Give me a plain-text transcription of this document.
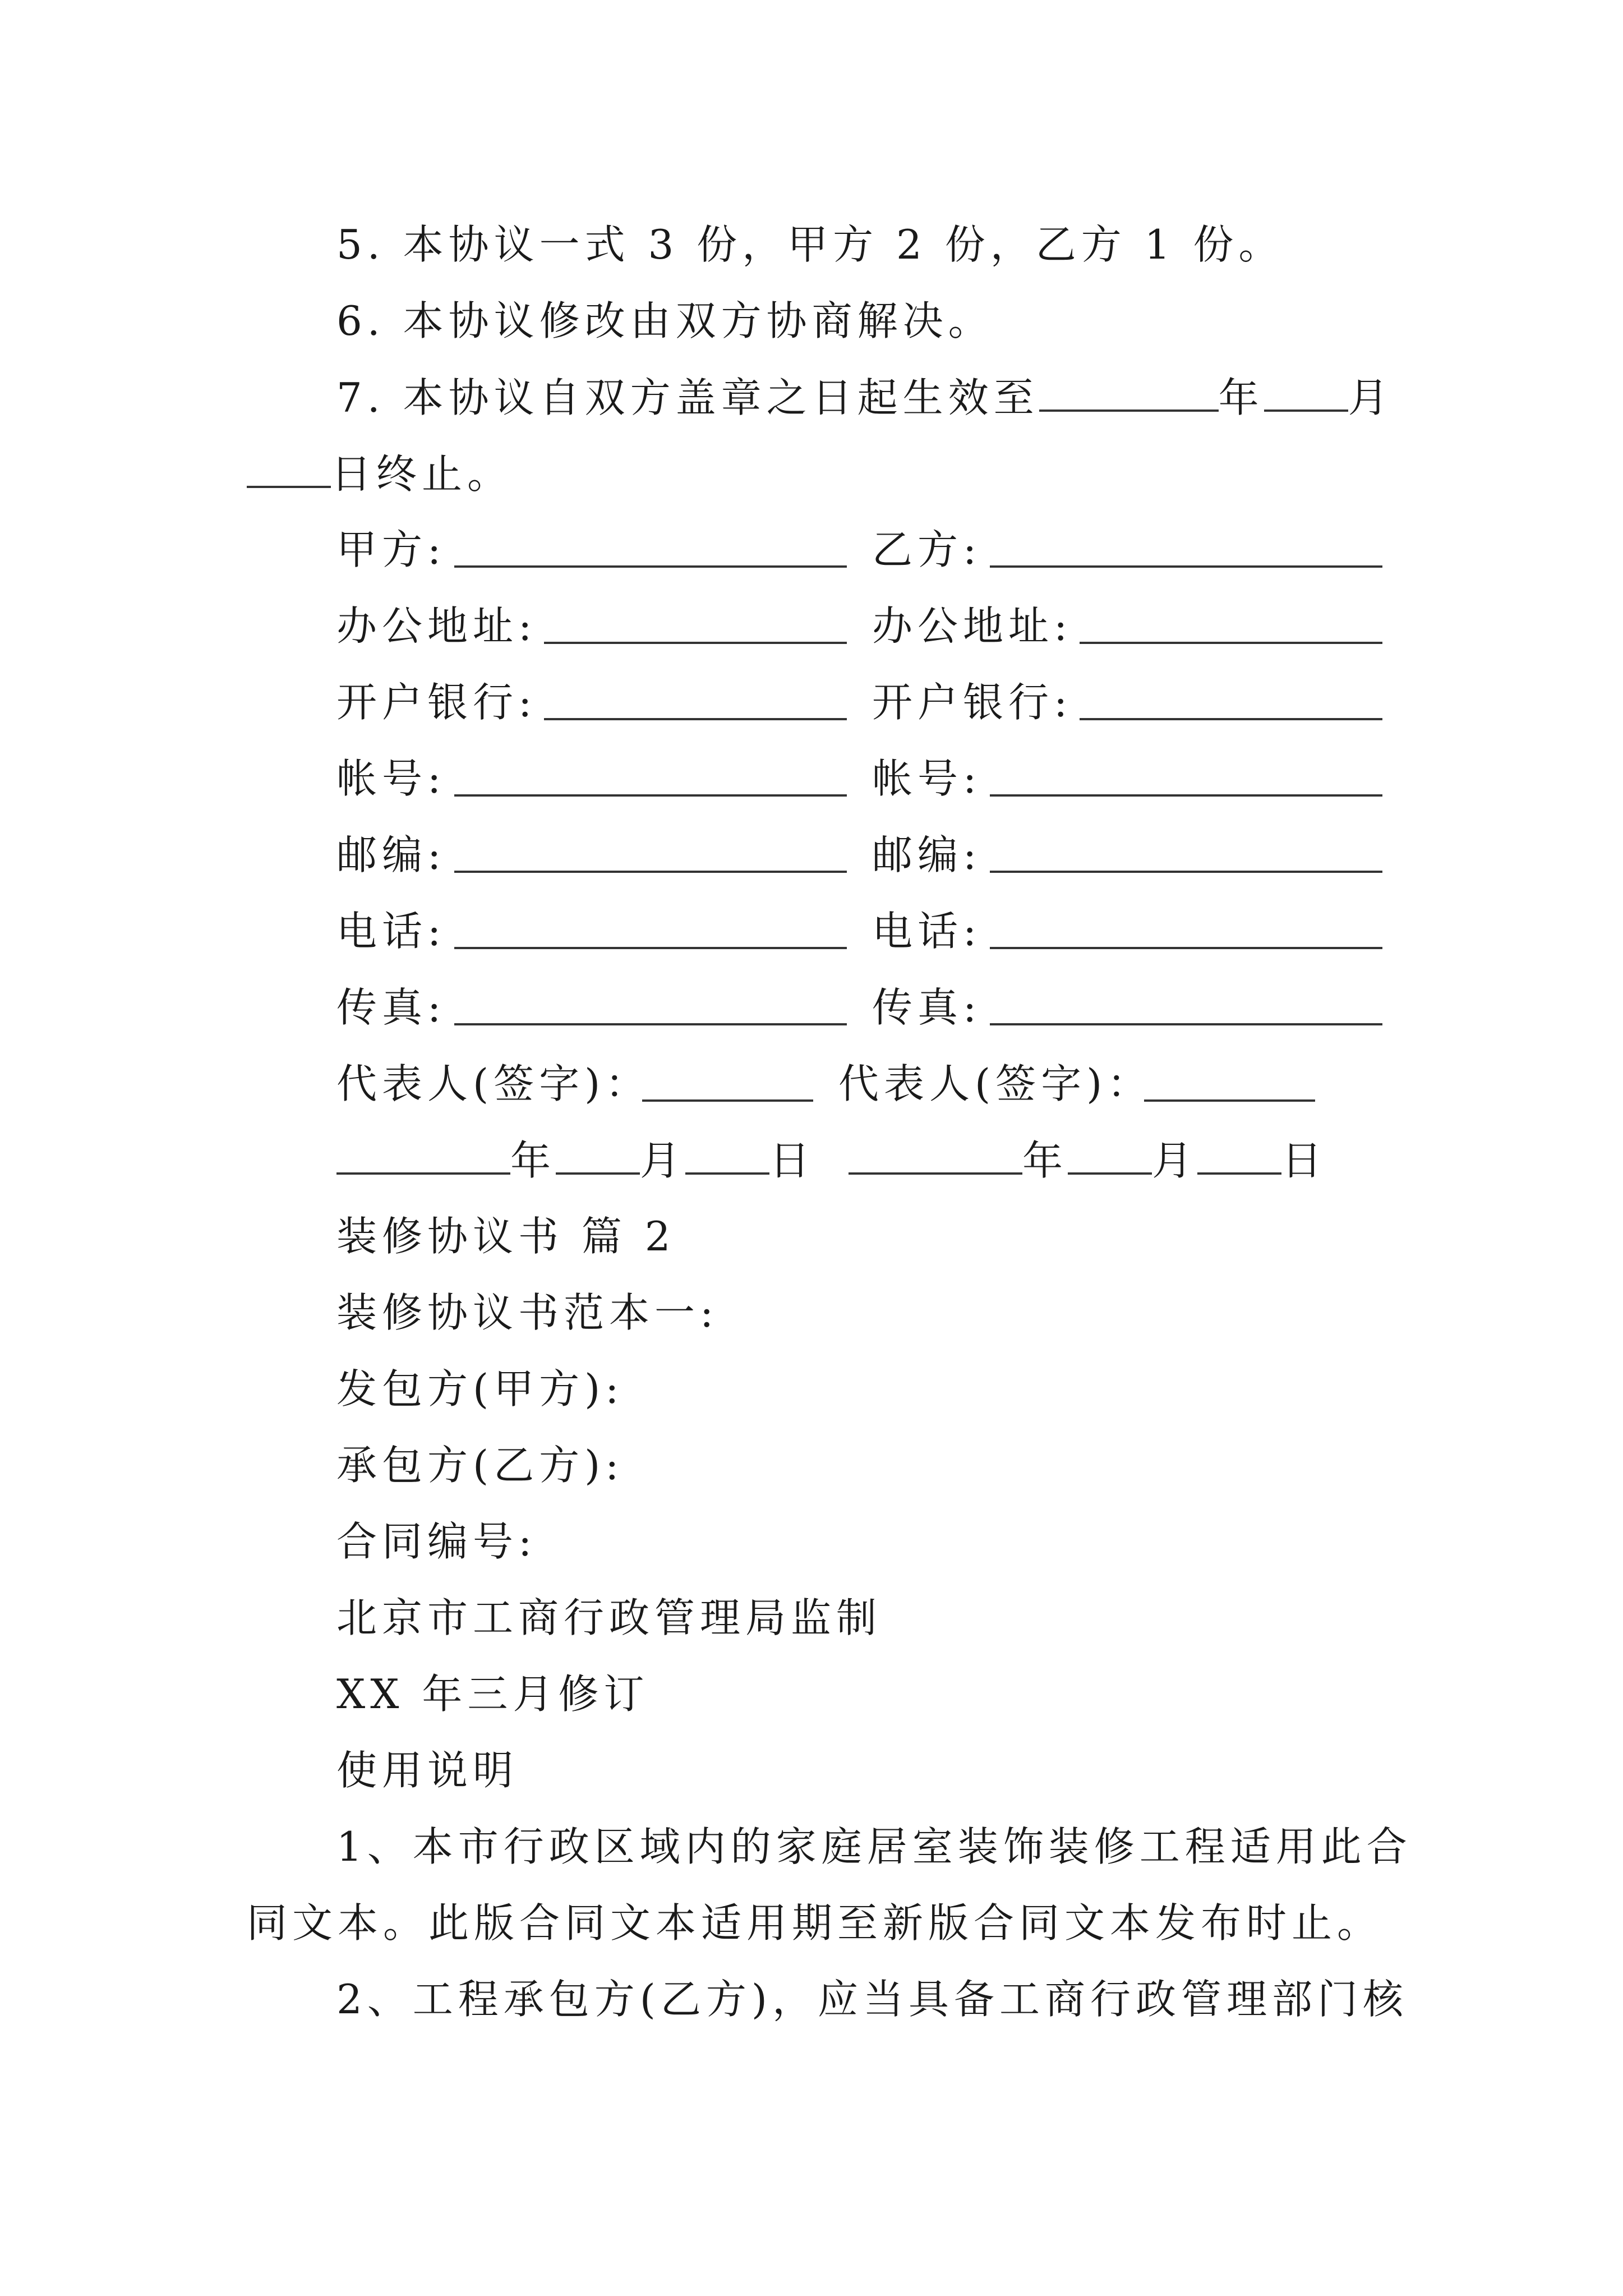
5. 本协议一式 3 份，甲方 2 份，乙方 1 份。
6. 本协议修改由双方协商解决。
7. 本协议自双方盖章之日起生效至	年 月
日终止。
甲方:	乙方:
办公地址:	办公地址:
开户银行:	开户银行:
帐号:	帐号:
邮编:	邮编:
电话:	电话:
传真:	传真:
代表人(签字)：	代表人(签字)：
年 月 日	年 月 日
装修协议书 篇 2
装修协议书范本一:
发包方(甲方):
承包方(乙方):
合同编号:
北京市工商行政管理局监制
XX 年三月修订
使用说明
1、本市行政区域内的家庭居室装饰装修工程适用此合
同文本。此版合同文本适用期至新版合同文本发布时止。
2、工程承包方(乙方)，应当具备工商行政管理部门核
